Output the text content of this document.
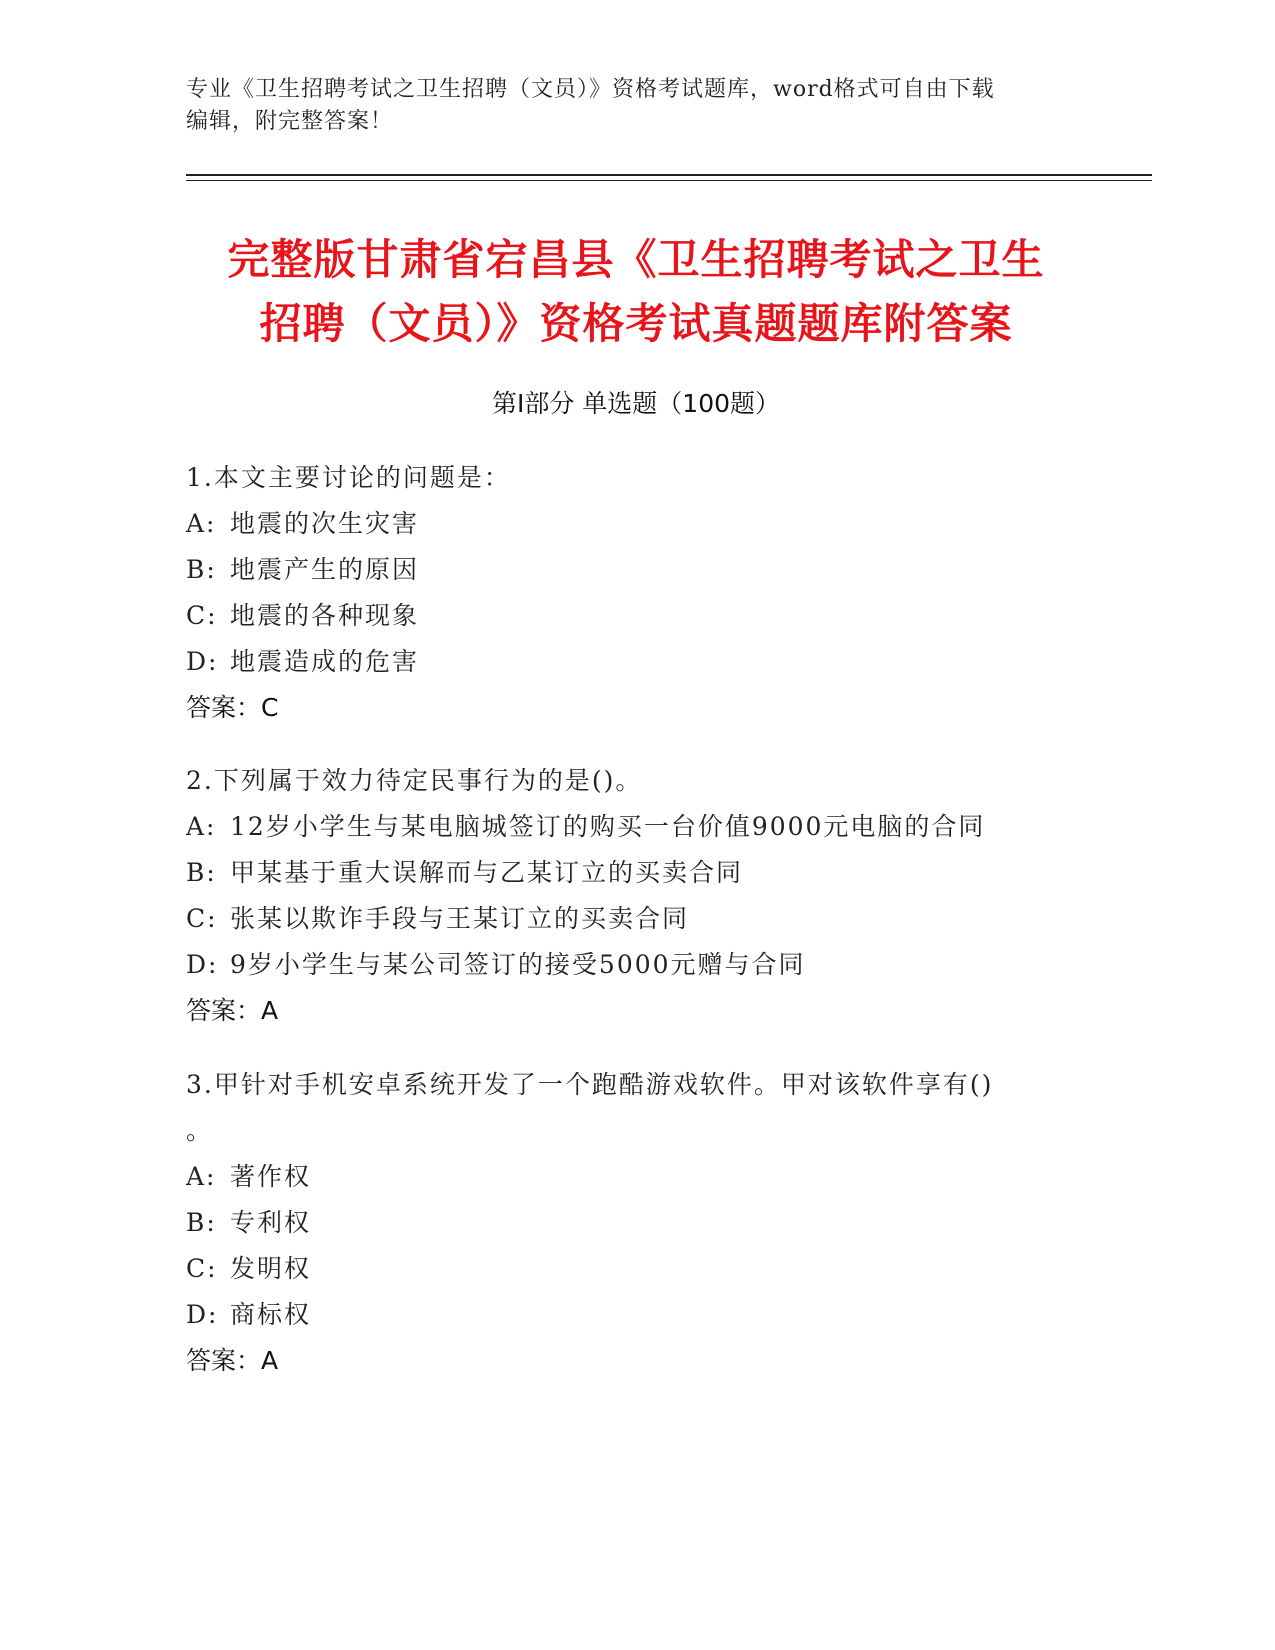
专业《卫生招聘考试之卫生招聘（文员）》资格考试题库，word格式可自由下载
编辑，附完整答案！
完整版甘肃省宕昌县《卫生招聘考试之卫生
招聘（文员）》资格考试真题题库附答案
第Ⅰ部分 单选题（100题）
1.本文主要讨论的问题是：
A: 地震的次生灾害
B: 地震产生的原因
C: 地震的各种现象
D: 地震造成的危害
答案：C
2.下列属于效力待定民事行为的是()。
A: 12岁小学生与某电脑城签订的购买一台价值9000元电脑的合同
B: 甲某基于重大误解而与乙某订立的买卖合同
C: 张某以欺诈手段与王某订立的买卖合同
D: 9岁小学生与某公司签订的接受5000元赠与合同
答案：A
3.甲针对手机安卓系统开发了一个跑酷游戏软件。甲对该软件享有()
。
A: 著作权
B: 专利权
C: 发明权
D: 商标权
答案：A
